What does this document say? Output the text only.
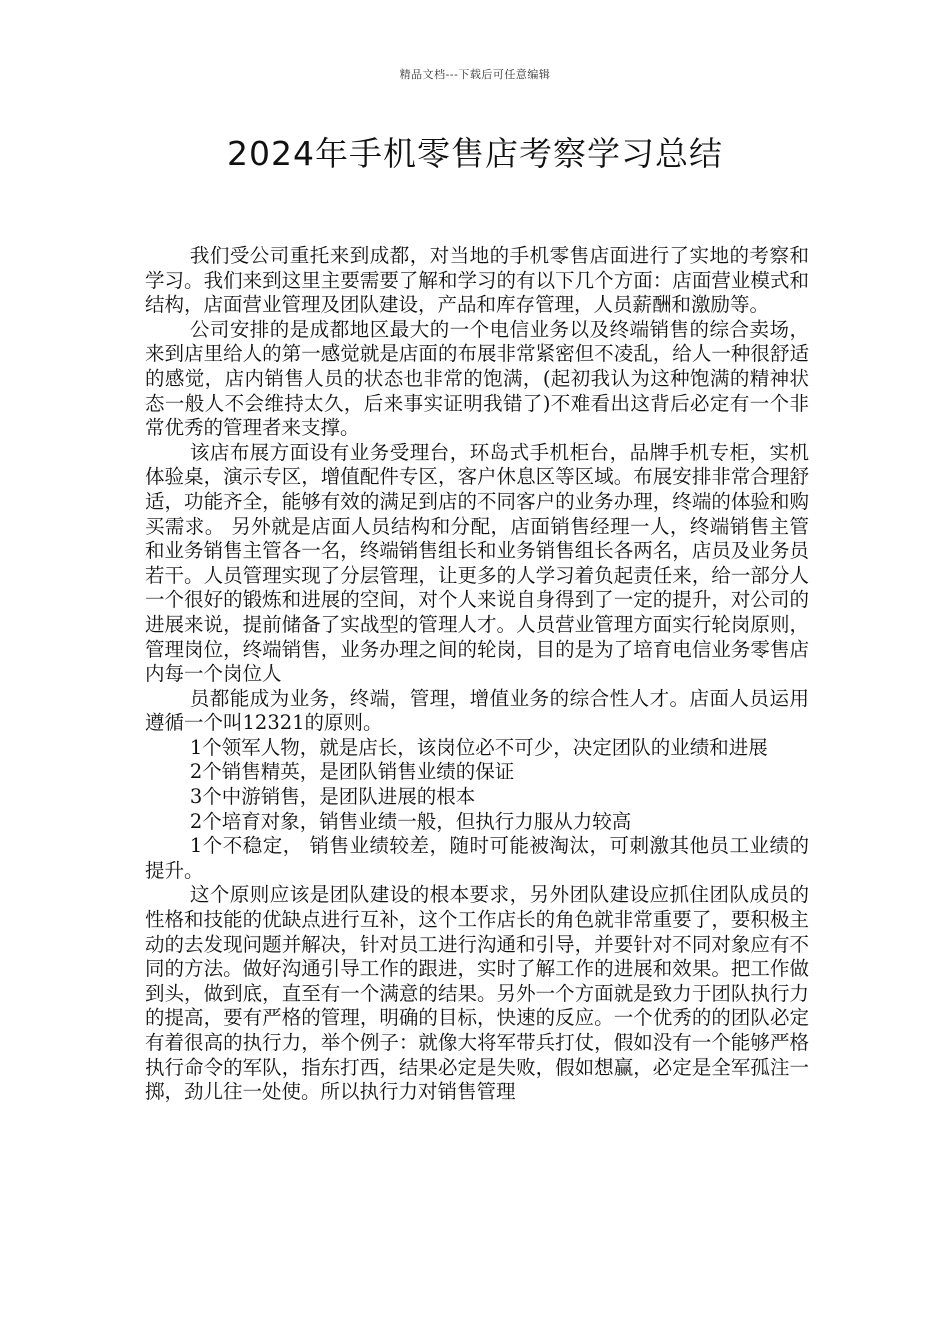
精品文档---下载后可任意编辑
2024年手机零售店考察学习总结

我们受公司重托来到成都，对当地的手机零售店面进行了实地的考察和学习。我们来到这里主要需要了解和学习的有以下几个方面：店面营业模式和结构，店面营业管理及团队建设，产品和库存管理，人员薪酬和激励等。

公司安排的是成都地区最大的一个电信业务以及终端销售的综合卖场，来到店里给人的第一感觉就是店面的布展非常紧密但不凌乱，给人一种很舒适的感觉，店内销售人员的状态也非常的饱满，(起初我认为这种饱满的精神状态一般人不会维持太久，后来事实证明我错了)不难看出这背后必定有一个非常优秀的管理者来支撑。

该店布展方面设有业务受理台，环岛式手机柜台，品牌手机专柜，实机体验桌，演示专区，增值配件专区，客户休息区等区域。布展安排非常合理舒适，功能齐全，能够有效的满足到店的不同客户的业务办理，终端的体验和购买需求。 另外就是店面人员结构和分配，店面销售经理一人，终端销售主管和业务销售主管各一名，终端销售组长和业务销售组长各两名，店员及业务员若干。人员管理实现了分层管理，让更多的人学习着负起责任来，给一部分人一个很好的锻炼和进展的空间，对个人来说自身得到了一定的提升，对公司的进展来说，提前储备了实战型的管理人才。人员营业管理方面实行轮岗原则，管理岗位，终端销售，业务办理之间的轮岗，目的是为了培育电信业务零售店内每一个岗位人

员都能成为业务，终端，管理，增值业务的综合性人才。店面人员运用遵循一个叫12321的原则。

1个领军人物，就是店长，该岗位必不可少，决定团队的业绩和进展

2个销售精英，是团队销售业绩的保证

3个中游销售，是团队进展的根本

2个培育对象，销售业绩一般，但执行力服从力较高

1个不稳定， 销售业绩较差，随时可能被淘汰，可刺激其他员工业绩的提升。

这个原则应该是团队建设的根本要求，另外团队建设应抓住团队成员的性格和技能的优缺点进行互补，这个工作店长的角色就非常重要了，要积极主动的去发现问题并解决，针对员工进行沟通和引导，并要针对不同对象应有不同的方法。做好沟通引导工作的跟进，实时了解工作的进展和效果。把工作做到头，做到底，直至有一个满意的结果。另外一个方面就是致力于团队执行力的提高，要有严格的管理，明确的目标，快速的反应。一个优秀的的团队必定有着很高的执行力，举个例子：就像大将军带兵打仗，假如没有一个能够严格执行命令的军队，指东打西，结果必定是失败，假如想赢，必定是全军孤注一掷，劲儿往一处使。所以执行力对销售管理
